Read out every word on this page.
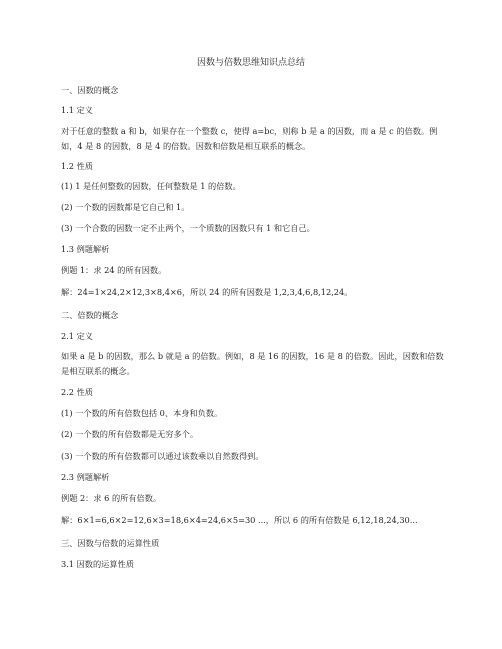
因数与倍数思维知识点总结
一、因数的概念
1.1 定义
对于任意的整数 a 和 b，如果存在一个整数 c，使得 a=bc，则称 b 是 a 的因数，而 a 是 c 的倍数。例如，4 是 8 的因数，8 是 4 的倍数。因数和倍数是相互联系的概念。
1.2 性质
(1) 1 是任何整数的因数，任何整数是 1 的倍数。
(2) 一个数的因数都是它自己和 1。
(3) 一个合数的因数一定不止两个，一个质数的因数只有 1 和它自己。
1.3 例题解析
例题 1：求 24 的所有因数。
解：24=1×24,2×12,3×8,4×6，所以 24 的所有因数是 1,2,3,4,6,8,12,24。
二、倍数的概念
2.1 定义
如果 a 是 b 的因数，那么 b 就是 a 的倍数。例如，8 是 16 的因数，16 是 8 的倍数。因此，因数和倍数是相互联系的概念。
2.2 性质
(1) 一个数的所有倍数包括 0、本身和负数。
(2) 一个数的所有倍数都是无穷多个。
(3) 一个数的所有倍数都可以通过该数乘以自然数得到。
2.3 例题解析
例题 2：求 6 的所有倍数。
解：6×1=6,6×2=12,6×3=18,6×4=24,6×5=30 ...，所以 6 的所有倍数是 6,12,18,24,30...
三、因数与倍数的运算性质
3.1 因数的运算性质
